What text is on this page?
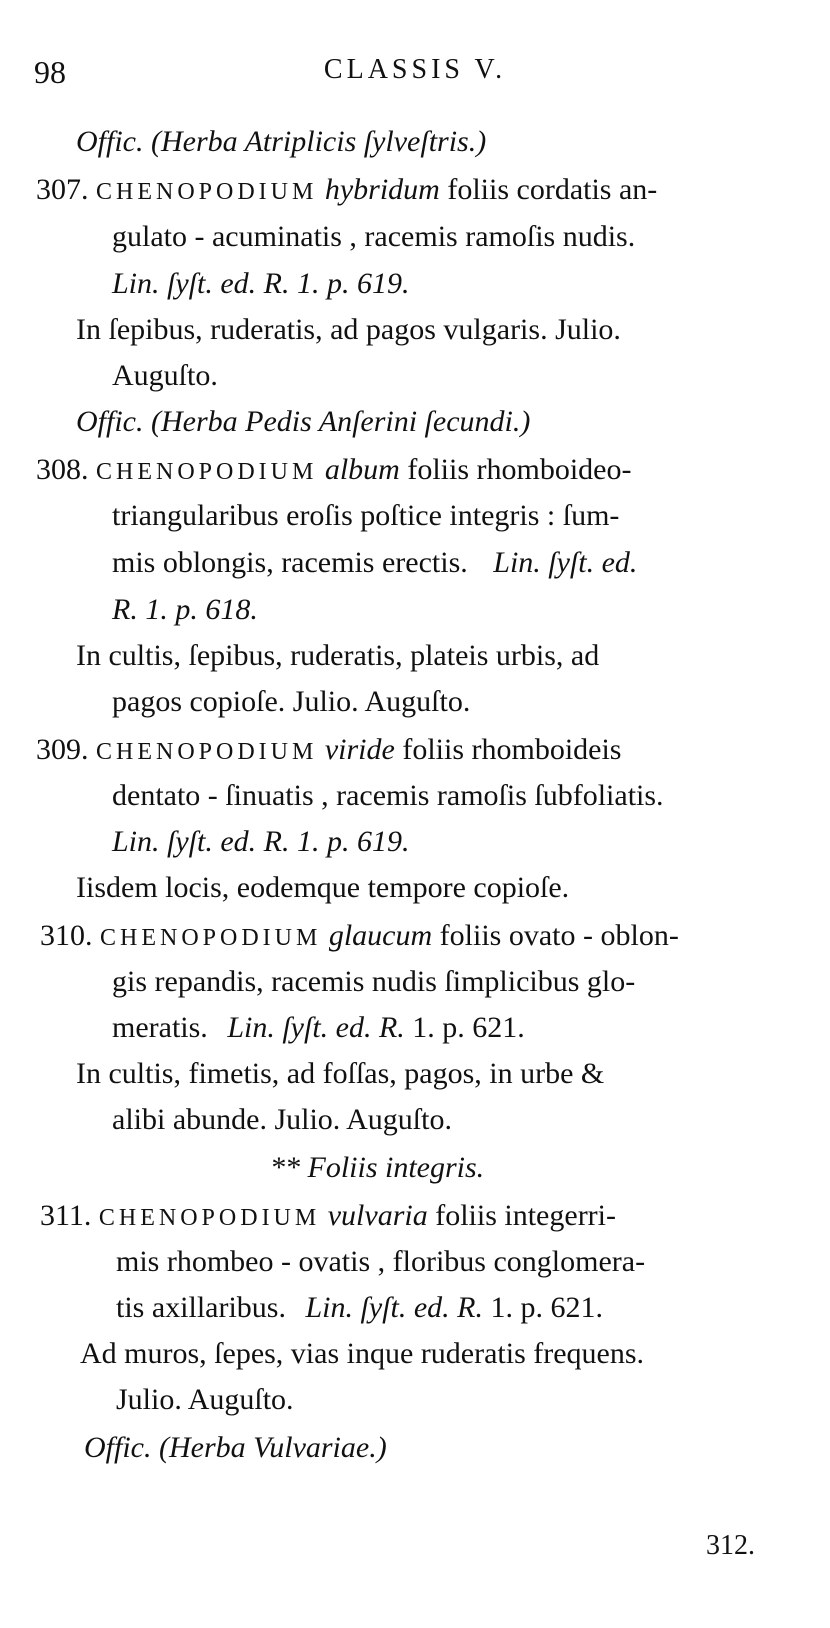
98	CLASSIS V.
Offic. (Herba Atriplicis ſylveſtris.)
307. CHENOPODIUM hybridum foliis cordatis an-
gulato - acuminatis , racemis ramoſis nudis.
Lin. ſyſt. ed. R. 1. p. 619.
In ſepibus, ruderatis, ad pagos vulgaris. Julio.
Auguſto.
Offic. (Herba Pedis Anſerini ſecundi.)
308. CHENOPODIUM album foliis rhomboideo-
triangularibus eroſis poſtice integris : ſum-
mis oblongis, racemis erectis. Lin. ſyſt. ed.
R. 1. p. 618.
In cultis, ſepibus, ruderatis, plateis urbis, ad
pagos copioſe. Julio. Auguſto.
309. CHENOPODIUM viride foliis rhomboideis
dentato - ſinuatis , racemis ramoſis ſubfoliatis.
Lin. ſyſt. ed. R. 1. p. 619.
Iisdem locis, eodemque tempore copioſe.
310. CHENOPODIUM glaucum foliis ovato - oblon-
gis repandis, racemis nudis ſimplicibus glo-
meratis. Lin. ſyſt. ed. R. 1. p. 621.
In cultis, fimetis, ad foſſas, pagos, in urbe &
alibi abunde. Julio. Auguſto.
** Foliis integris.
311. CHENOPODIUM vulvaria foliis integerri-
mis rhombeo - ovatis , floribus conglomera-
tis axillaribus. Lin. ſyſt. ed. R. 1. p. 621.
Ad muros, ſepes, vias inque ruderatis frequens.
Julio. Auguſto.
Offic. (Herba Vulvariae.)
312.
